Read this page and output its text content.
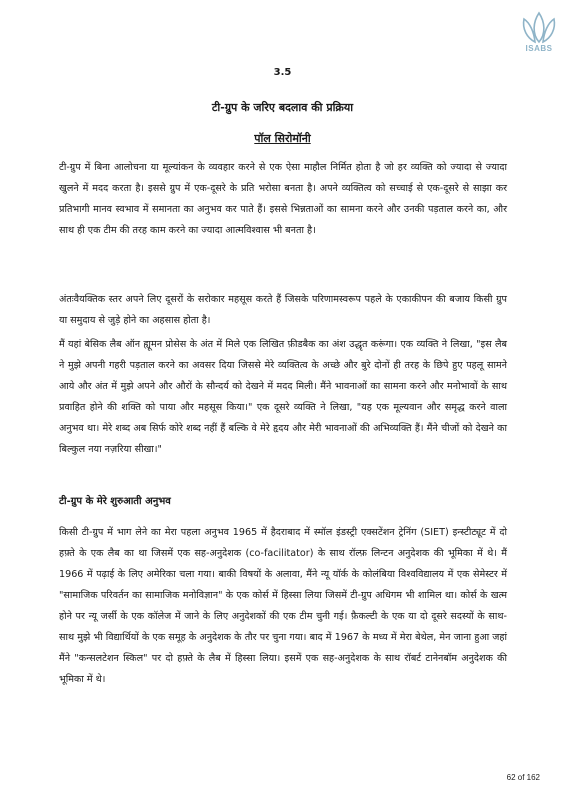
ISABS
3.5
टी-ग्रुप के जरिए बदलाव की प्रक्रिया
पॉल सिरोमॉनी

टी-ग्रुप में बिना आलोचना या मूल्यांकन के व्यवहार करने से एक ऐसा माहौल निर्मित होता है जो हर व्यक्ति को ज्यादा से ज्यादा खुलने में मदद करता है। इससे ग्रुप में एक-दूसरे के प्रति भरोसा बनता है। अपने व्यक्तित्व को सच्चाई से एक-दूसरे से साझा कर प्रतिभागी मानव स्वभाव में समानता का अनुभव कर पाते हैं। इससे भिन्नताओं का सामना करने और उनकी पड़ताल करने का, और साथ ही एक टीम की तरह काम करने का ज्यादा आत्मविश्वास भी बनता है।

अंतःवैयक्तिक स्तर अपने लिए दूसरों के सरोकार महसूस करते हैं जिसके परिणामस्वरूप पहले के एकाकीपन की बजाय किसी ग्रुप या समुदाय से जुड़े होने का अहसास होता है।

मैं यहां बेसिक लैब ऑन ह्यूमन प्रोसेस के अंत में मिले एक लिखित फ़ीडबैक का अंश उद्धृत करूंगा। एक व्यक्ति ने लिखा, "इस लैब ने मुझे अपनी गहरी पड़ताल करने का अवसर दिया जिससे मेरे व्यक्तित्व के अच्छे और बुरे दोनों ही तरह के छिपे हुए पहलू सामने आये और अंत में मुझे अपने और औरों के सौन्दर्य को देखने में मदद मिली। मैंने भावनाओं का सामना करने और मनोभावों के साथ प्रवाहित होने की शक्ति को पाया और महसूस किया।" एक दूसरे व्यक्ति ने लिखा, "यह एक मूल्यवान और समृद्ध करने वाला अनुभव था। मेरे शब्द अब सिर्फ कोरे शब्द नहीं हैं बल्कि वे मेरे हृदय और मेरी भावनाओं की अभिव्यक्ति हैं। मैंने चीजों को देखने का बिल्कुल नया नज़रिया सीखा।"

टी-ग्रुप के मेरे शुरुआती अनुभव

किसी टी-ग्रुप में भाग लेने का मेरा पहला अनुभव 1965 में हैदराबाद में स्मॉल इंडस्ट्री एक्सटेंशन ट्रेनिंग (SIET) इन्स्टीट्यूट में दो हफ़्ते के एक लैब का था जिसमें एक सह-अनुदेशक (co-facilitator) के साथ रॉल्फ़ लिन्टन अनुदेशक की भूमिका में थे। मैं 1966 में पढ़ाई के लिए अमेरिका चला गया। बाकी विषयों के अलावा, मैंने न्यू यॉर्क के कोलंबिया विश्वविद्यालय में एक सेमेस्टर में "सामाजिक परिवर्तन का सामाजिक मनोविज्ञान" के एक कोर्स में हिस्सा लिया जिसमें टी-ग्रुप अधिगम भी शामिल था। कोर्स के खत्म होने पर न्यू जर्सी के एक कॉलेज में जाने के लिए अनुदेशकों की एक टीम चुनी गई। फ़ैकल्टी के एक या दो दूसरे सदस्यों के साथ-साथ मुझे भी विद्यार्थियों के एक समूह के अनुदेशक के तौर पर चुना गया। बाद में 1967 के मध्य में मेरा बेथेल, मेन जाना हुआ जहां मैंने "कन्सलटेशन स्किल" पर दो हफ़्ते के लैब में हिस्सा लिया। इसमें एक सह-अनुदेशक के साथ रॉबर्ट टानेनबॉम अनुदेशक की भूमिका में थे।

62 of 162
